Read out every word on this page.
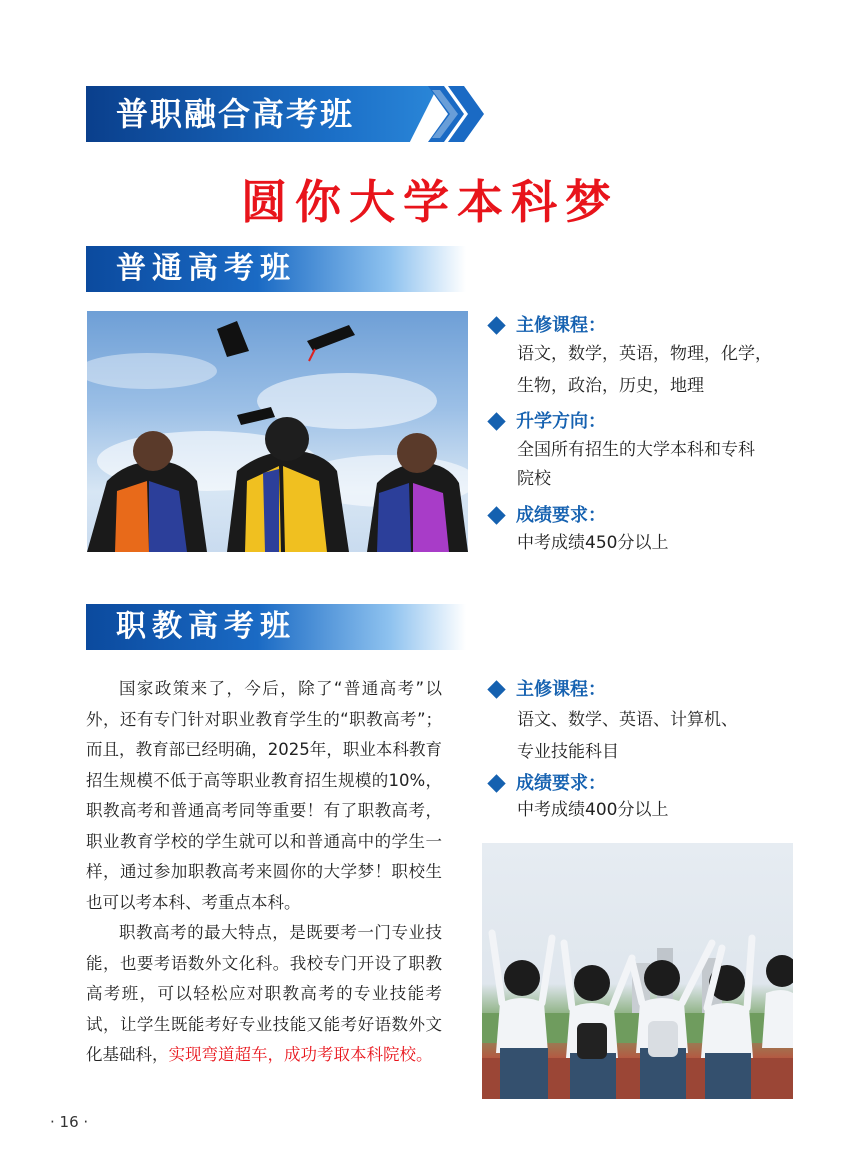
普职融合高考班
圆你大学本科梦
普通高考班
主修课程：
语文，数学，英语，物理，化学，
生物，政治，历史，地理
升学方向：
全国所有招生的大学本科和专科
院校
成绩要求：
中考成绩450分以上
职教高考班

国家政策来了，今后，除了“普通高考”以外，还有专门针对职业教育学生的“职教高考”；而且，教育部已经明确，2025年，职业本科教育招生规模不低于高等职业教育招生规模的10%，职教高考和普通高考同等重要！有了职教高考，职业教育学校的学生就可以和普通高中的学生一样，通过参加职教高考来圆你的大学梦！职校生也可以考本科、考重点本科。

职教高考的最大特点，是既要考一门专业技能，也要考语数外文化科。我校专门开设了职教高考班，可以轻松应对职教高考的专业技能考试，让学生既能考好专业技能又能考好语数外文化基础科，实现弯道超车，成功考取本科院校。

主修课程：
语文、数学、英语、计算机、
专业技能科目
成绩要求：
中考成绩400分以上
· 16 ·
